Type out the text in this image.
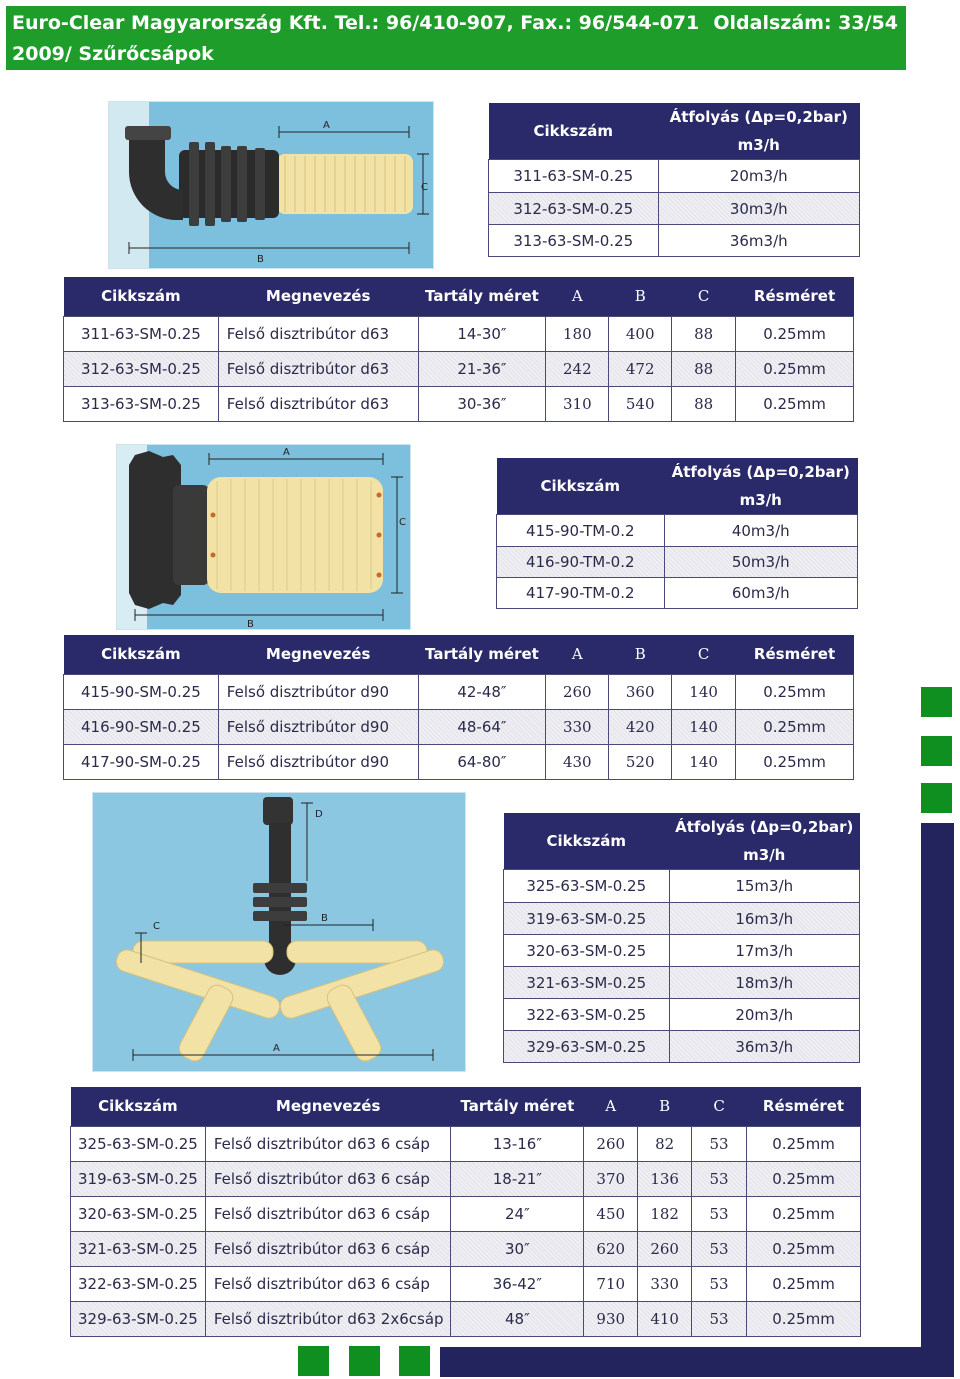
Euro-Clear Magyarország Kft. Tel.: 96/410-907, Fax.: 96/544-071 Oldalszám: 33/54
2009/ Szűrőcsápok
A
B
C
Cikkszám	Átfolyás (Δp=0,2bar)
m3/h
311-63-SM-0.25	20m3/h
312-63-SM-0.25	30m3/h
313-63-SM-0.25	36m3/h
Cikkszám	Megnevezés	Tartály méret	A	B	C	Résméret
311-63-SM-0.25	Felső disztribútor d63	14-30″	180	400	88	0.25mm
312-63-SM-0.25	Felső disztribútor d63	21-36″	242	472	88	0.25mm
313-63-SM-0.25	Felső disztribútor d63	30-36″	310	540	88	0.25mm
A
B
C
Cikkszám	Átfolyás (Δp=0,2bar)
m3/h
415-90-TM-0.2	40m3/h
416-90-TM-0.2	50m3/h
417-90-TM-0.2	60m3/h
Cikkszám	Megnevezés	Tartály méret	A	B	C	Résméret
415-90-SM-0.25	Felső disztribútor d90	42-48″	260	360	140	0.25mm
416-90-SM-0.25	Felső disztribútor d90	48-64″	330	420	140	0.25mm
417-90-SM-0.25	Felső disztribútor d90	64-80″	430	520	140	0.25mm
D
C
B
A
Cikkszám	Átfolyás (Δp=0,2bar)
m3/h
325-63-SM-0.25	15m3/h
319-63-SM-0.25	16m3/h
320-63-SM-0.25	17m3/h
321-63-SM-0.25	18m3/h
322-63-SM-0.25	20m3/h
329-63-SM-0.25	36m3/h
Cikkszám	Megnevezés	Tartály méret	A	B	C	Résméret
325-63-SM-0.25	Felső disztribútor d63 6 csáp	13-16″	260	82	53	0.25mm
319-63-SM-0.25	Felső disztribútor d63 6 csáp	18-21″	370	136	53	0.25mm
320-63-SM-0.25	Felső disztribútor d63 6 csáp	24″	450	182	53	0.25mm
321-63-SM-0.25	Felső disztribútor d63 6 csáp	30″	620	260	53	0.25mm
322-63-SM-0.25	Felső disztribútor d63 6 csáp	36-42″	710	330	53	0.25mm
329-63-SM-0.25	Felső disztribútor d63 2x6csáp	48″	930	410	53	0.25mm
